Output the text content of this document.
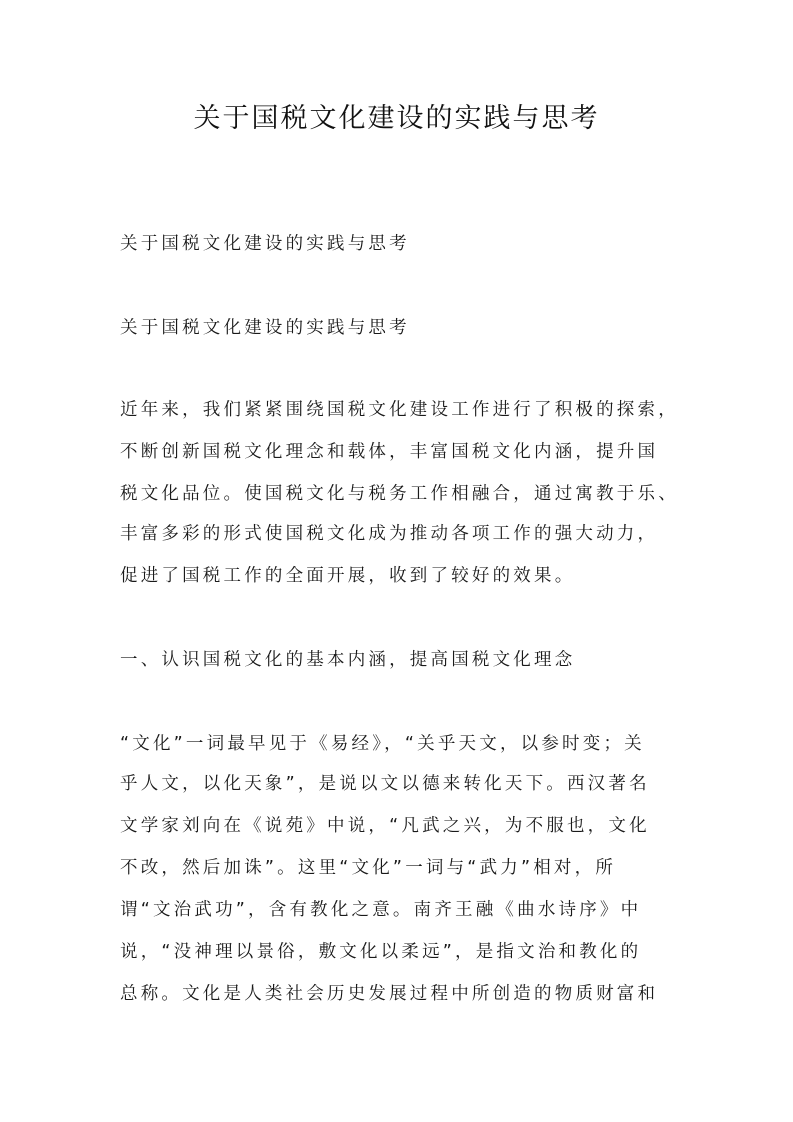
关于国税文化建设的实践与思考
关于国税文化建设的实践与思考
关于国税文化建设的实践与思考
近年来，我们紧紧围绕国税文化建设工作进行了积极的探索，
不断创新国税文化理念和载体，丰富国税文化内涵，提升国
税文化品位。使国税文化与税务工作相融合，通过寓教于乐、
丰富多彩的形式使国税文化成为推动各项工作的强大动力，
促进了国税工作的全面开展，收到了较好的效果。
一、认识国税文化的基本内涵，提高国税文化理念
“文化”一词最早见于《易经》，“关乎天文，以参时变；关
乎人文，以化天象”，是说以文以德来转化天下。西汉著名
文学家刘向在《说苑》中说，“凡武之兴，为不服也，文化
不改，然后加诛”。这里“文化”一词与“武力”相对，所
谓“文治武功”，含有教化之意。南齐王融《曲水诗序》中
说，“没神理以景俗，敷文化以柔远”，是指文治和教化的
总称。文化是人类社会历史发展过程中所创造的物质财富和
